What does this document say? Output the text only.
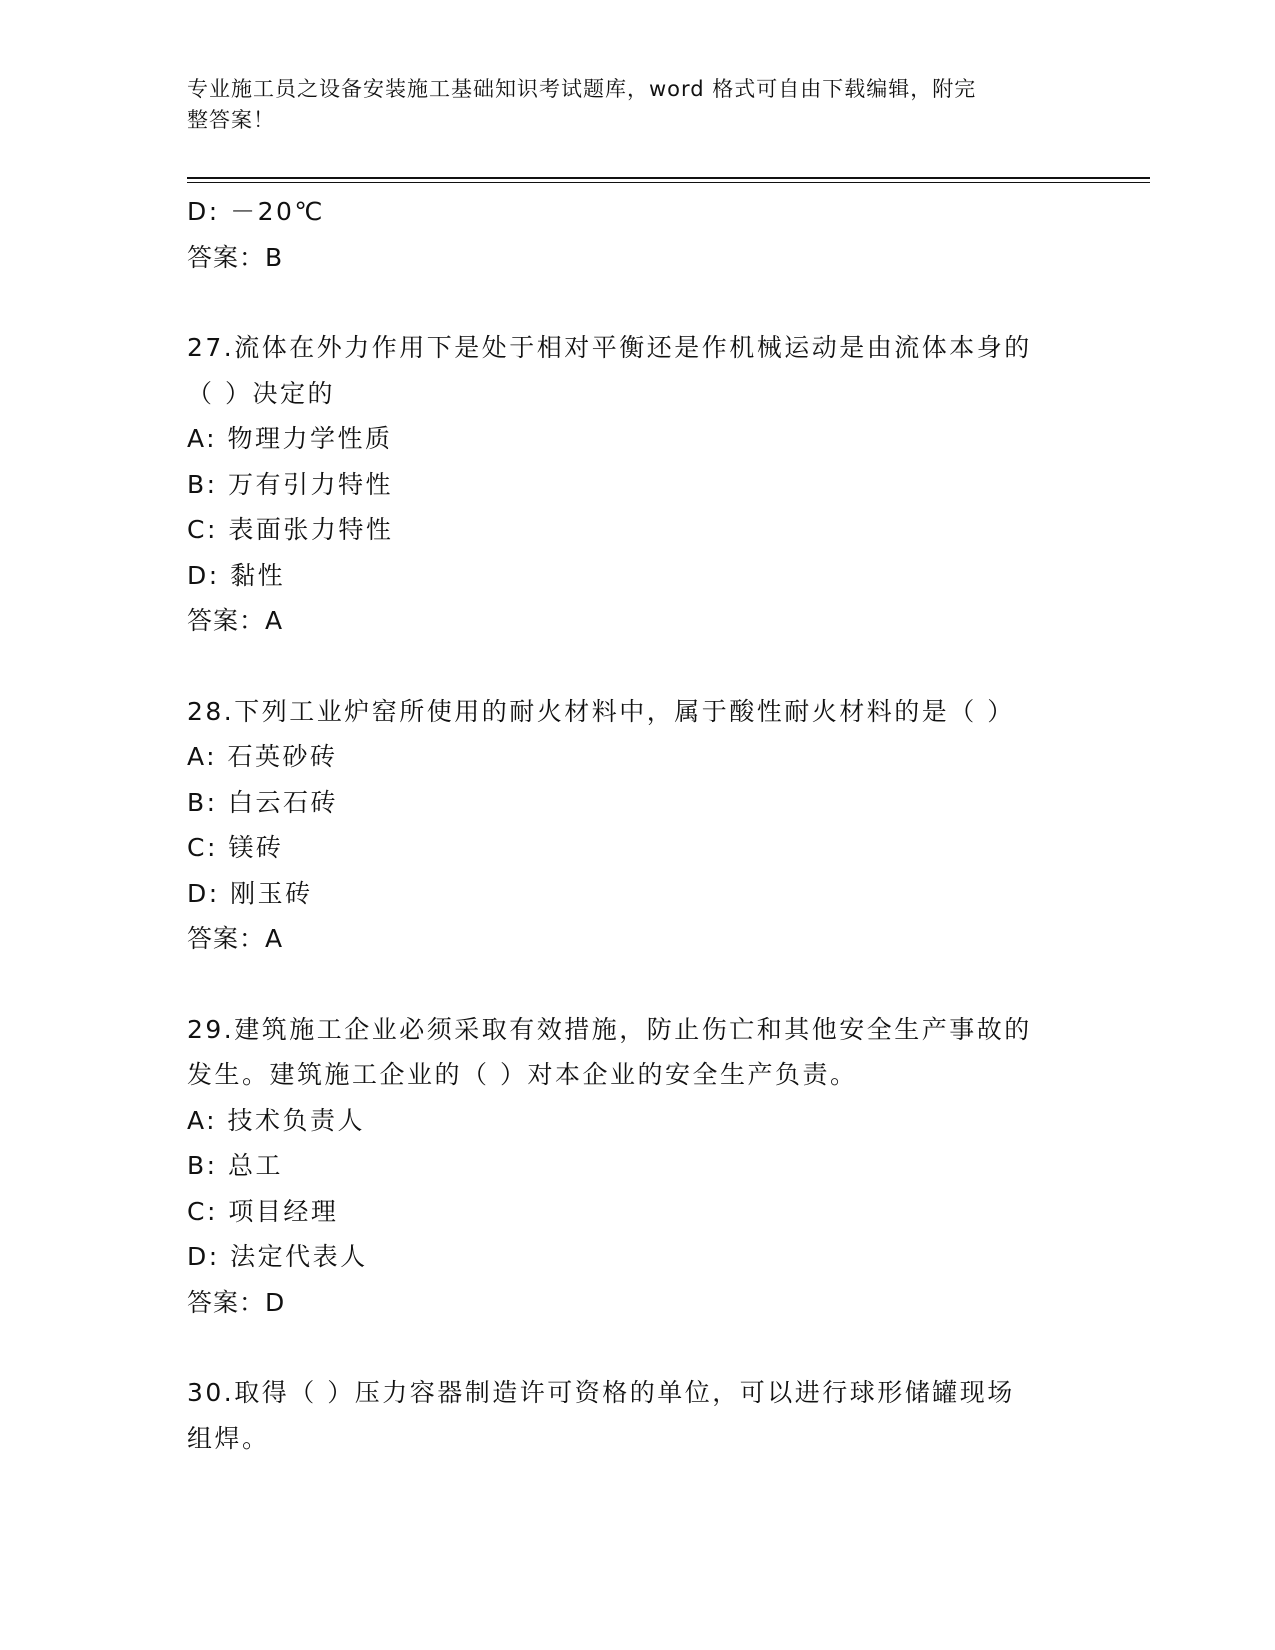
专业施工员之设备安装施工基础知识考试题库，word 格式可自由下载编辑，附完
整答案！
D: －20℃
答案：B
27.流体在外力作用下是处于相对平衡还是作机械运动是由流体本身的
（ ）决定的
A: 物理力学性质
B: 万有引力特性
C: 表面张力特性
D: 黏性
答案：A
28.下列工业炉窑所使用的耐火材料中，属于酸性耐火材料的是（ ）
A: 石英砂砖
B: 白云石砖
C: 镁砖
D: 刚玉砖
答案：A
29.建筑施工企业必须采取有效措施，防止伤亡和其他安全生产事故的
发生。建筑施工企业的（ ）对本企业的安全生产负责。
A: 技术负责人
B: 总工
C: 项目经理
D: 法定代表人
答案：D
30.取得（ ）压力容器制造许可资格的单位，可以进行球形储罐现场
组焊。
